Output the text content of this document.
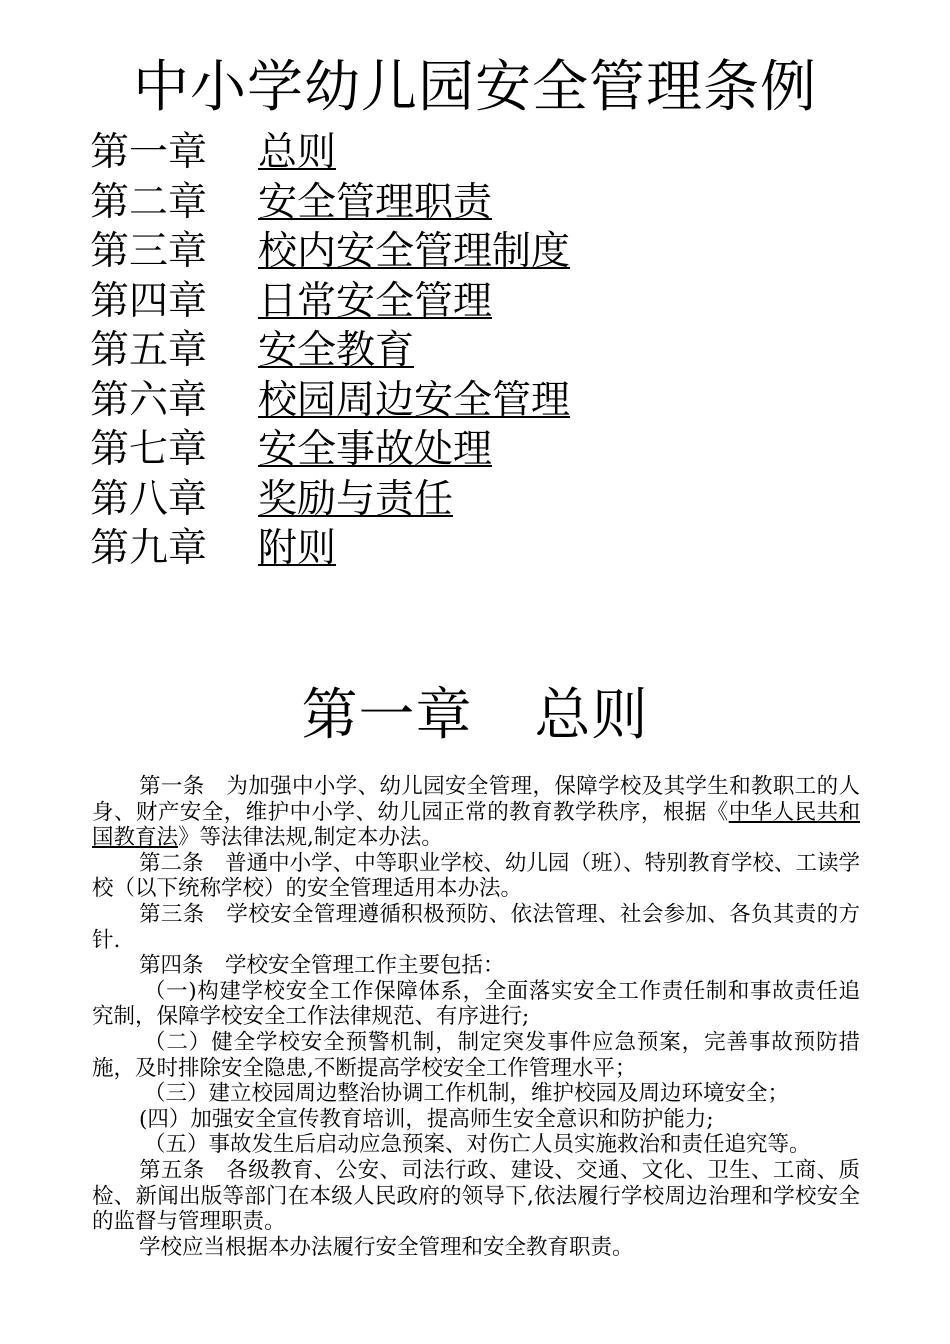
中小学幼儿园安全管理条例
第一章 总则
第二章 安全管理职责
第三章 校内安全管理制度
第四章 日常安全管理
第五章 安全教育
第六章 校园周边安全管理
第七章 安全事故处理
第八章 奖励与责任
第九章 附则
第一章 总则

第一条　为加强中小学、幼儿园安全管理，保障学校及其学生和教职工的人身、财产安全，维护中小学、幼儿园正常的教育教学秩序，根据《中华人民共和国教育法》等法律法规,制定本办法。

第二条　普通中小学、中等职业学校、幼儿园（班）、特别教育学校、工读学校（以下统称学校）的安全管理适用本办法。

第三条　学校安全管理遵循积极预防、依法管理、社会参加、各负其责的方针.

第四条　学校安全管理工作主要包括：

（一)构建学校安全工作保障体系，全面落实安全工作责任制和事故责任追究制，保障学校安全工作法律规范、有序进行;

（二）健全学校安全预警机制，制定突发事件应急预案，完善事故预防措施，及时排除安全隐患,不断提高学校安全工作管理水平；

（三）建立校园周边整治协调工作机制，维护校园及周边环境安全；

(四）加强安全宣传教育培训，提高师生安全意识和防护能力;

（五）事故发生后启动应急预案、对伤亡人员实施救治和责任追究等。

第五条　各级教育、公安、司法行政、建设、交通、文化、卫生、工商、质检、新闻出版等部门在本级人民政府的领导下,依法履行学校周边治理和学校安全的监督与管理职责。

学校应当根据本办法履行安全管理和安全教育职责。
